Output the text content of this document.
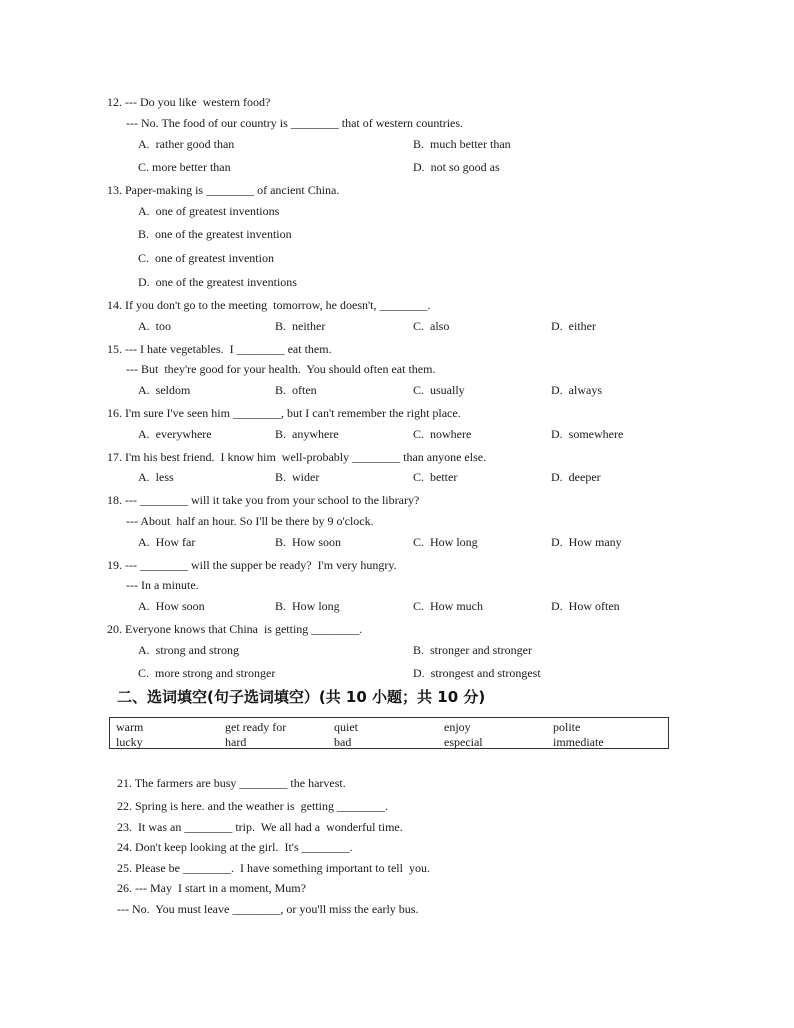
12. --- Do you like  western food?
--- No. The food of our country is ________ that of western countries.
A.  rather good than	B.  much better than
C. more better than	D.  not so good as
13. Paper-making is ________ of ancient China.
A.  one of greatest inventions
B.  one of the greatest invention
C.  one of greatest invention
D.  one of the greatest inventions
14. If you don't go to the meeting  tomorrow, he doesn't, ________.
A.  too	B.  neither	C.  also	D.  either
15. --- I hate vegetables.  I ________ eat them.
--- But  they're good for your health.  You should often eat them.
A.  seldom	B.  often	C.  usually	D.  always
16. I'm sure I've seen him ________, but I can't remember the right place.
A.  everywhere	B.  anywhere	C.  nowhere	D.  somewhere
17. I'm his best friend.  I know him  well-probably ________ than anyone else.
A.  less	B.  wider	C.  better	D.  deeper
18. --- ________ will it take you from your school to the library?
--- About  half an hour. So I'll be there by 9 o'clock.
A.  How far	B.  How soon	C.  How long	D.  How many
19. --- ________ will the supper be ready?  I'm very hungry.
--- In a minute.
A.  How soon	B.  How long	C.  How much	D.  How often
20. Everyone knows that China  is getting ________.
A.  strong and strong	B.  stronger and stronger
C.  more strong and stronger	D.  strongest and strongest
二、选词填空(句子选词填空）(共 10 小题；共 10 分)
warm	get ready for	quiet	enjoy	polite
lucky	hard	bad	especial	immediate
21. The farmers are busy ________ the harvest.
22. Spring is here. and the weather is  getting ________.
23.  It was an ________ trip.  We all had a  wonderful time.
24. Don't keep looking at the girl.  It's ________.
25. Please be ________.  I have something important to tell  you.
26. --- May  I start in a moment, Mum?
--- No.  You must leave ________, or you'll miss the early bus.
